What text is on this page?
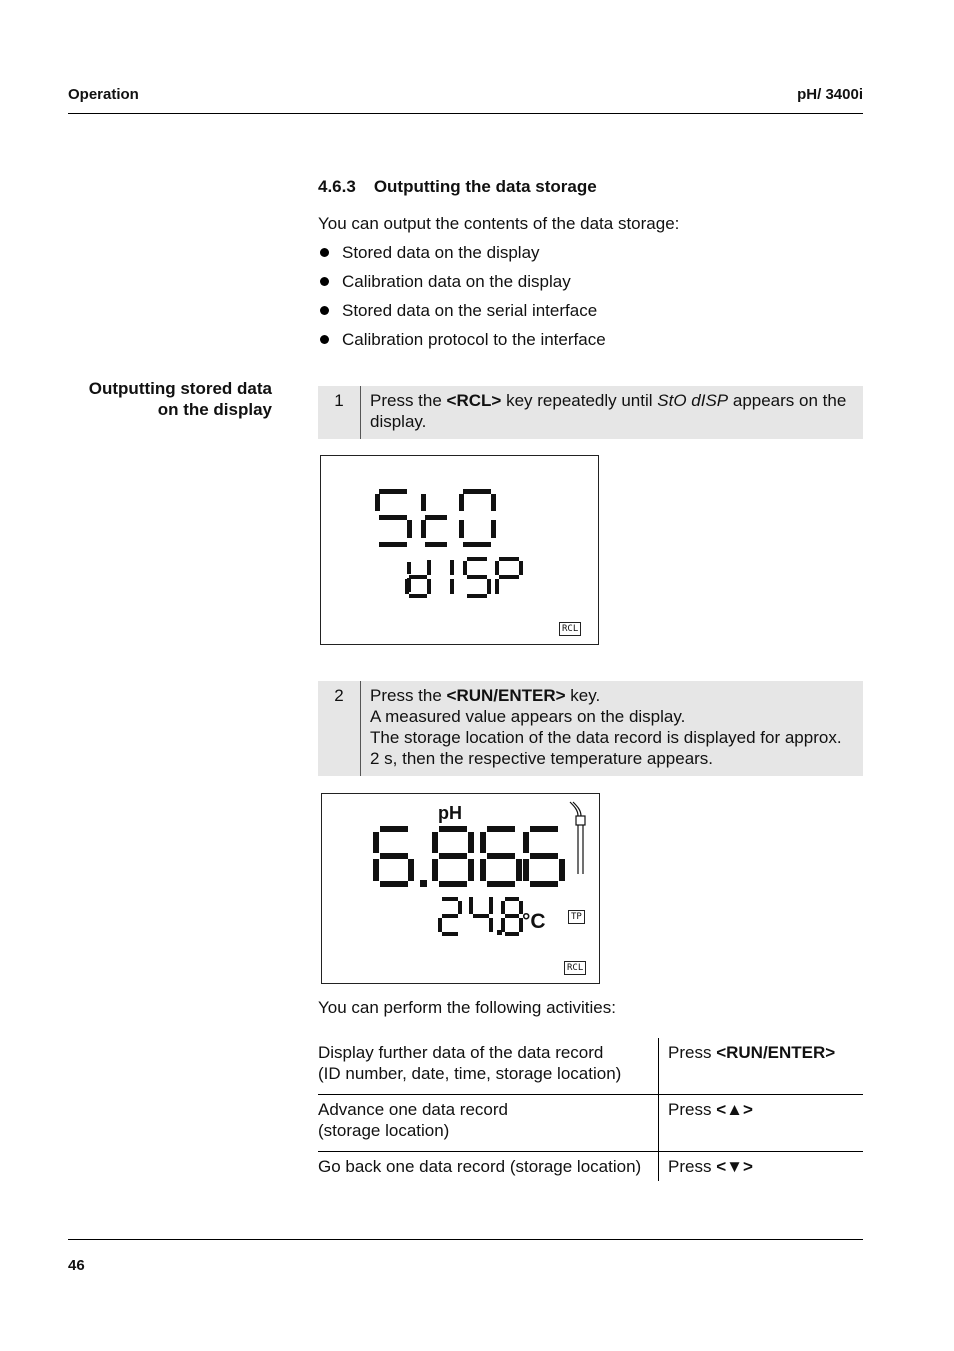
Operation	pH/ 3400i
4.6.3 Outputting the data storage
You can output the contents of the data storage:
Stored data on the display
Calibration data on the display
Stored data on the serial interface
Calibration protocol to the interface
Outputting stored data
on the display	1	Press the <RCL> key repeatedly until StO dISP appears on the display.
RCL
2	Press the <RUN/ENTER> key.
A measured value appears on the display.
The storage location of the data record is displayed for approx. 2 s, then the respective temperature appears.
pH
°C	TP
RCL
You can perform the following activities:
Display further data of the data record
(ID number, date, time, storage location)	Press <RUN/ENTER>

Advance one data record
(storage location)	Press <▲>

Go back one data record (storage location)	Press <▼>
46
